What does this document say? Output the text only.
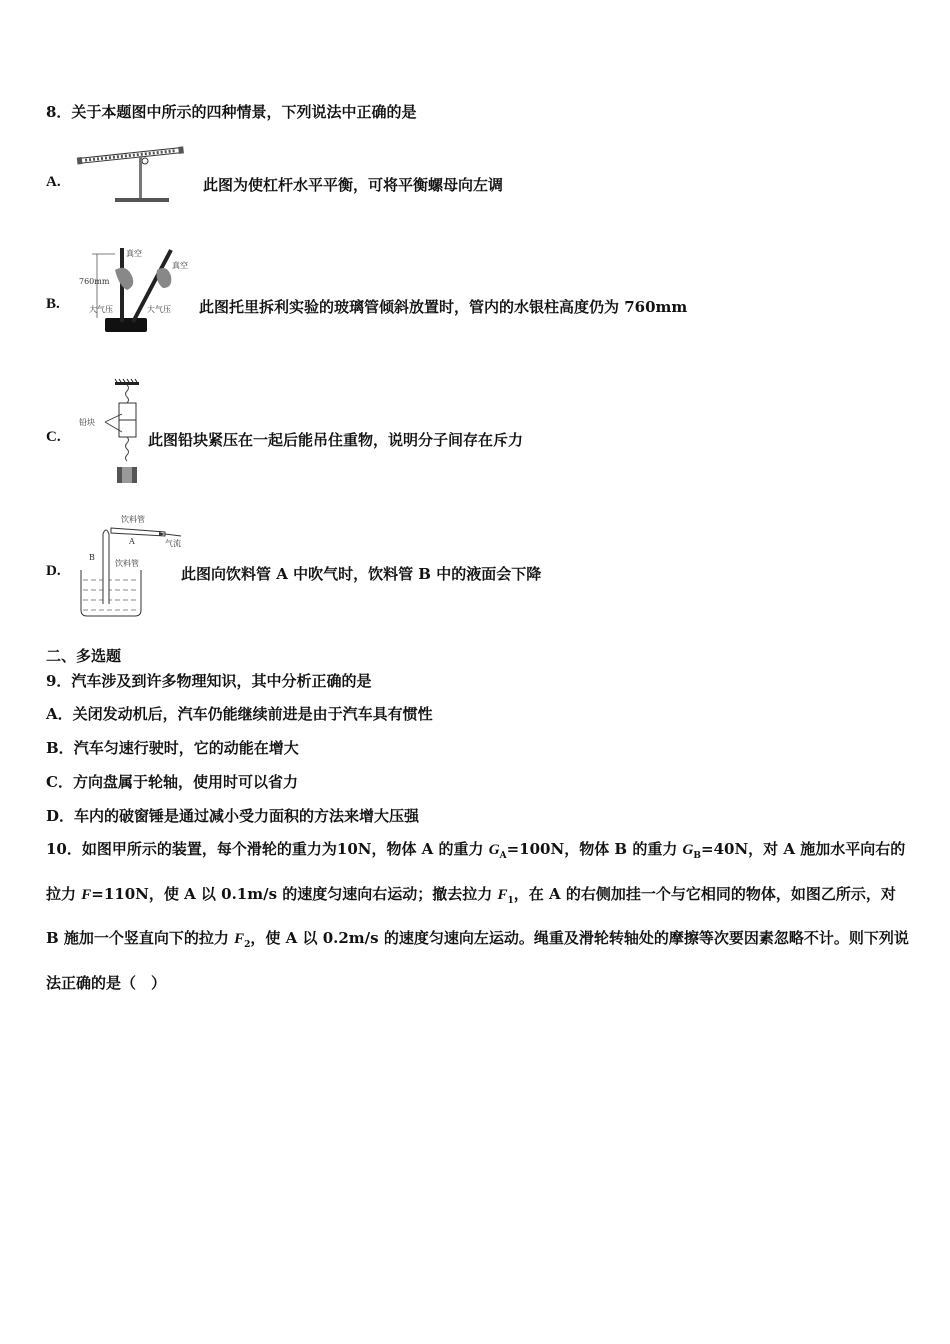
8．关于本题图中所示的四种情景，下列说法中正确的是
A.	此图为使杠杆水平平衡，可将平衡螺母向左调
B.
760mm
真空
真空
大气压	大气压 此图托里拆利实验的玻璃管倾斜放置时，管内的水银柱高度仍为 760mm
C.
铅块
此图铅块紧压在一起后能吊住重物，说明分子间存在斥力
D.
饮料管
A	气流
B
饮料管
此图向饮料管 A 中吹气时，饮料管 B 中的液面会下降
二、多选题
9．汽车涉及到许多物理知识，其中分析正确的是
A．关闭发动机后，汽车仍能继续前进是由于汽车具有惯性
B．汽车匀速行驶时，它的动能在增大
C．方向盘属于轮轴，使用时可以省力
D．车内的破窗锤是通过减小受力面积的方法来增大压强
10．如图甲所示的装置，每个滑轮的重力为10N，物体 A 的重力 $G_A=100N$，物体 B 的重力 $G_B=40N$，对 A 施加水平向右的拉力 F=110N，使 A 以 0.1m/s 的速度匀速向右运动；撤去拉力 $F_1$，在 A 的右侧加挂一个与它相同的物体，如图乙所示，对 B 施加一个竖直向下的拉力 $F_2$，使 A 以 0.2m/s 的速度匀速向左运动。绳重及滑轮转轴处的摩擦等次要因素忽略不计。则下列说法正确的是（　）
